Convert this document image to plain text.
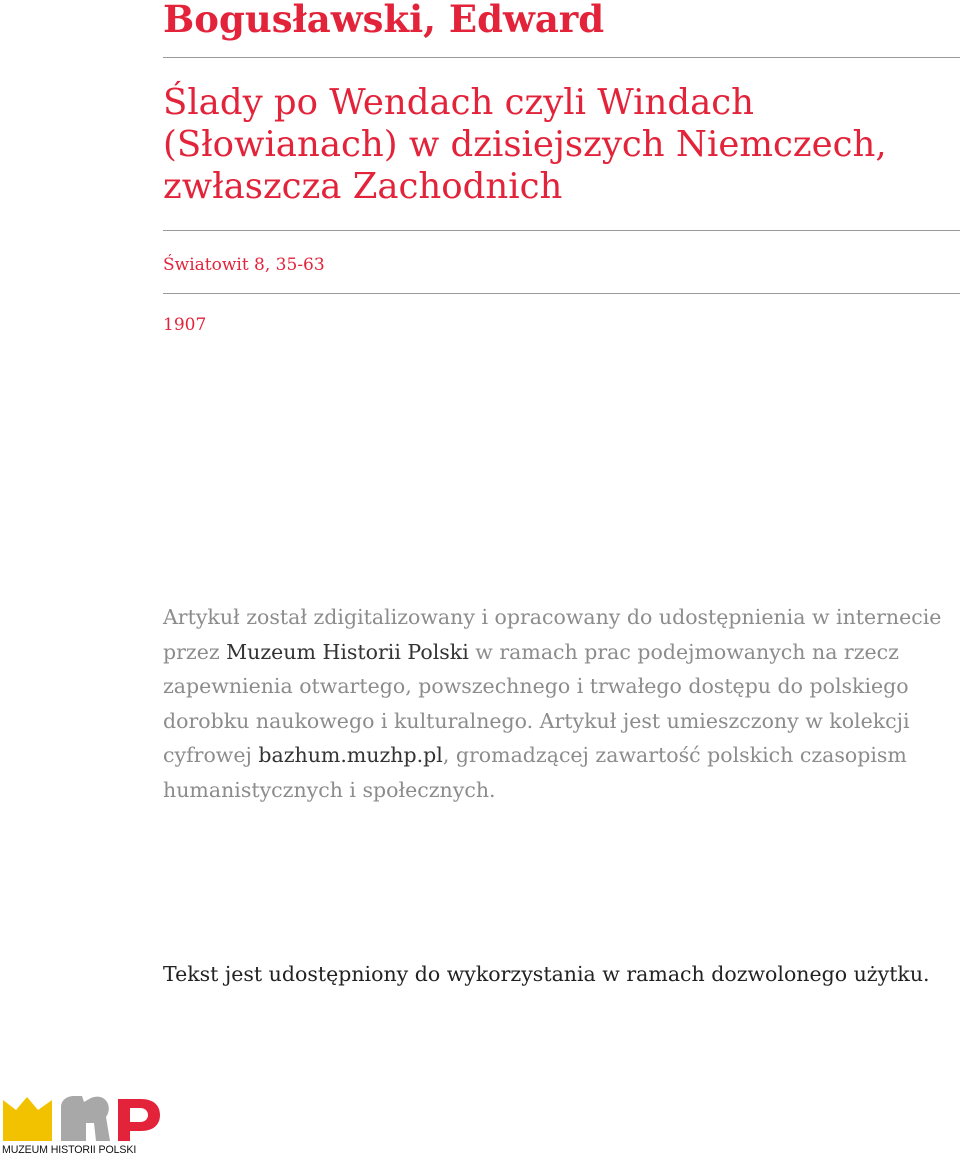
Bogusławski, Edward
Ślady po Wendach czyli Windach (Słowianach) w dzisiejszych Niemczech, zwłaszcza Zachodnich
Światowit 8, 35-63
1907
Artykuł został zdigitalizowany i opracowany do udostępnienia w internecie przez Muzeum Historii Polski w ramach prac podejmowanych na rzecz zapewnienia otwartego, powszechnego i trwałego dostępu do polskiego dorobku naukowego i kulturalnego. Artykuł jest umieszczony w kolekcji cyfrowej bazhum.muzhp.pl, gromadzącej zawartość polskich czasopism humanistycznych i społecznych.
Tekst jest udostępniony do wykorzystania w ramach dozwolonego użytku.
MUZEUM HISTORII POLSKI
